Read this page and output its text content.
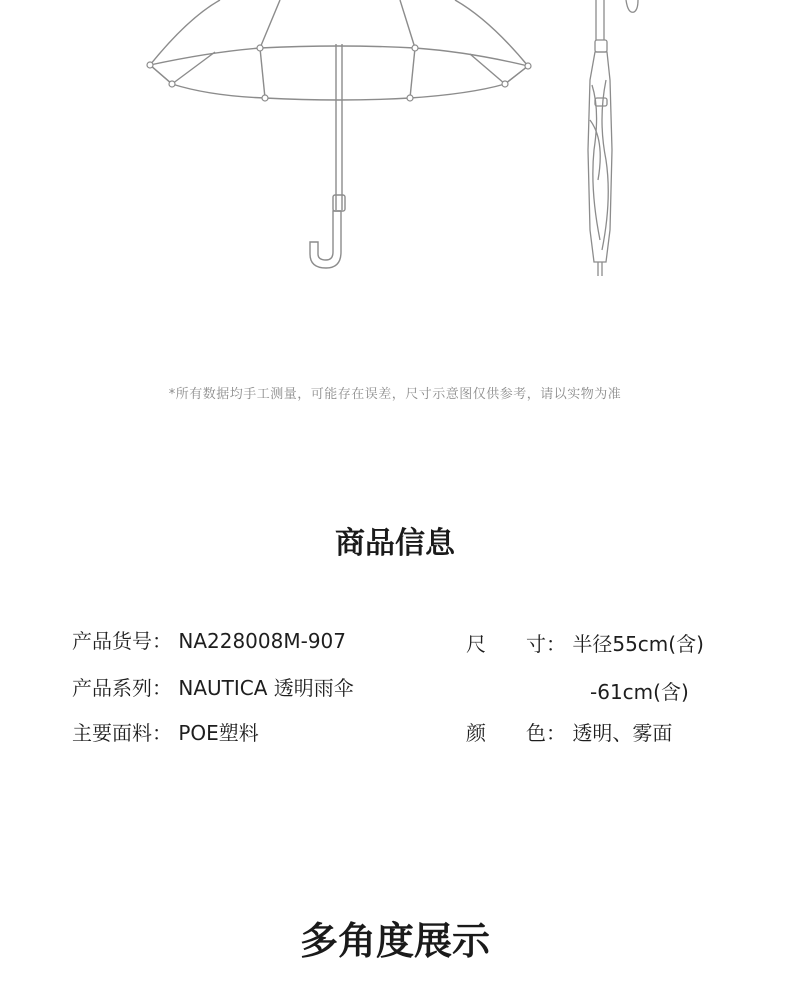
*所有数据均手工测量，可能存在误差，尺寸示意图仅供参考，请以实物为准
商品信息
产品货号： NA228008M-907
产品系列： NAUTICA 透明雨伞
主要面料： POE塑料
尺　　寸： 半径55cm(含)
-61cm(含)
颜　　色： 透明、雾面
多角度展示
